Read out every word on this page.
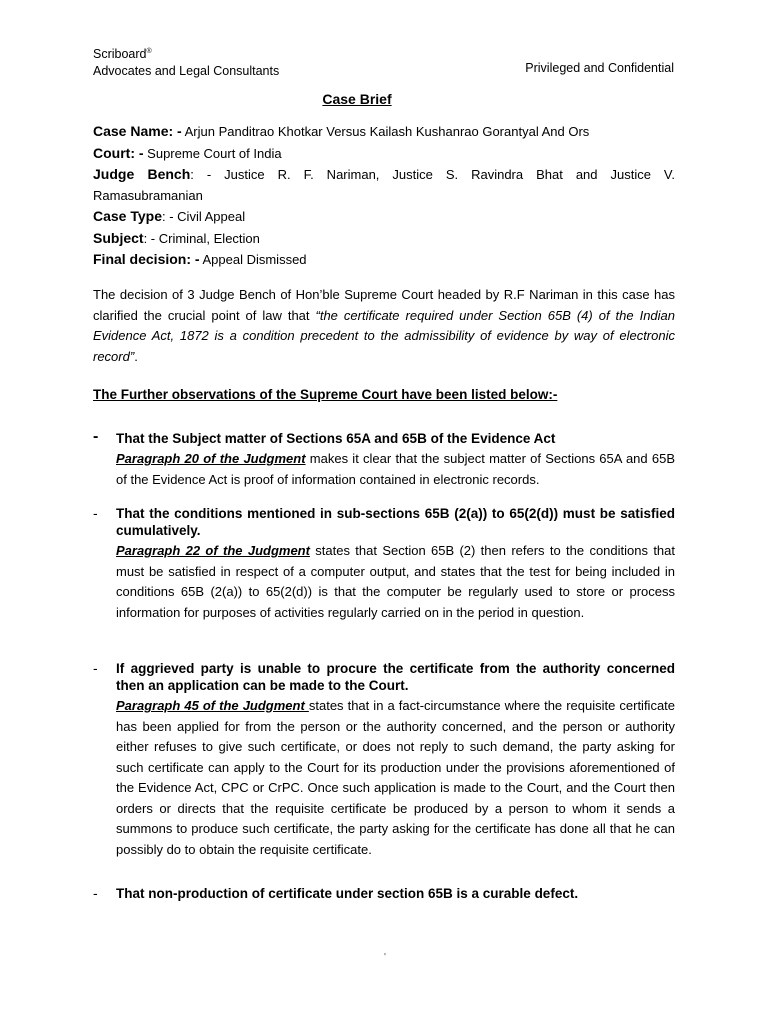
Scriboard®
Advocates and Legal Consultants	Privileged and Confidential
Case Brief

Case Name: - Arjun Panditrao Khotkar Versus Kailash Kushanrao Gorantyal And Ors

Court: - Supreme Court of India

Judge Bench: - Justice R. F. Nariman, Justice S. Ravindra Bhat and Justice V.

Ramasubramanian

Case Type: - Civil Appeal

Subject: - Criminal, Election

Final decision: - Appeal Dismissed

The decision of 3 Judge Bench of Hon’ble Supreme Court headed by R.F Nariman in this case has clarified the crucial point of law that “the certificate required under Section 65B (4) of the Indian Evidence Act, 1872 is a condition precedent to the admissibility of evidence by way of electronic record”.

The Further observations of the Supreme Court have been listed below:-

- That the Subject matter of Sections 65A and 65B of the Evidence Act

Paragraph 20 of the Judgment makes it clear that the subject matter of Sections 65A and 65B of the Evidence Act is proof of information contained in electronic records.

- That the conditions mentioned in sub-sections 65B (2(a)) to 65(2(d)) must be satisfied cumulatively.

Paragraph 22 of the Judgment states that Section 65B (2) then refers to the conditions that must be satisfied in respect of a computer output, and states that the test for being included in conditions 65B (2(a)) to 65(2(d)) is that the computer be regularly used to store or process information for purposes of activities regularly carried on in the period in question.

- If aggrieved party is unable to procure the certificate from the authority concerned then an application can be made to the Court.

Paragraph 45 of the Judgment states that in a fact-circumstance where the requisite certificate has been applied for from the person or the authority concerned, and the person or authority either refuses to give such certificate, or does not reply to such demand, the party asking for such certificate can apply to the Court for its production under the provisions aforementioned of the Evidence Act, CPC or CrPC. Once such application is made to the Court, and the Court then orders or directs that the requisite certificate be produced by a person to whom it sends a summons to produce such certificate, the party asking for the certificate has done all that he can possibly do to obtain the requisite certificate.

- That non-production of certificate under section 65B is a curable defect.

'
